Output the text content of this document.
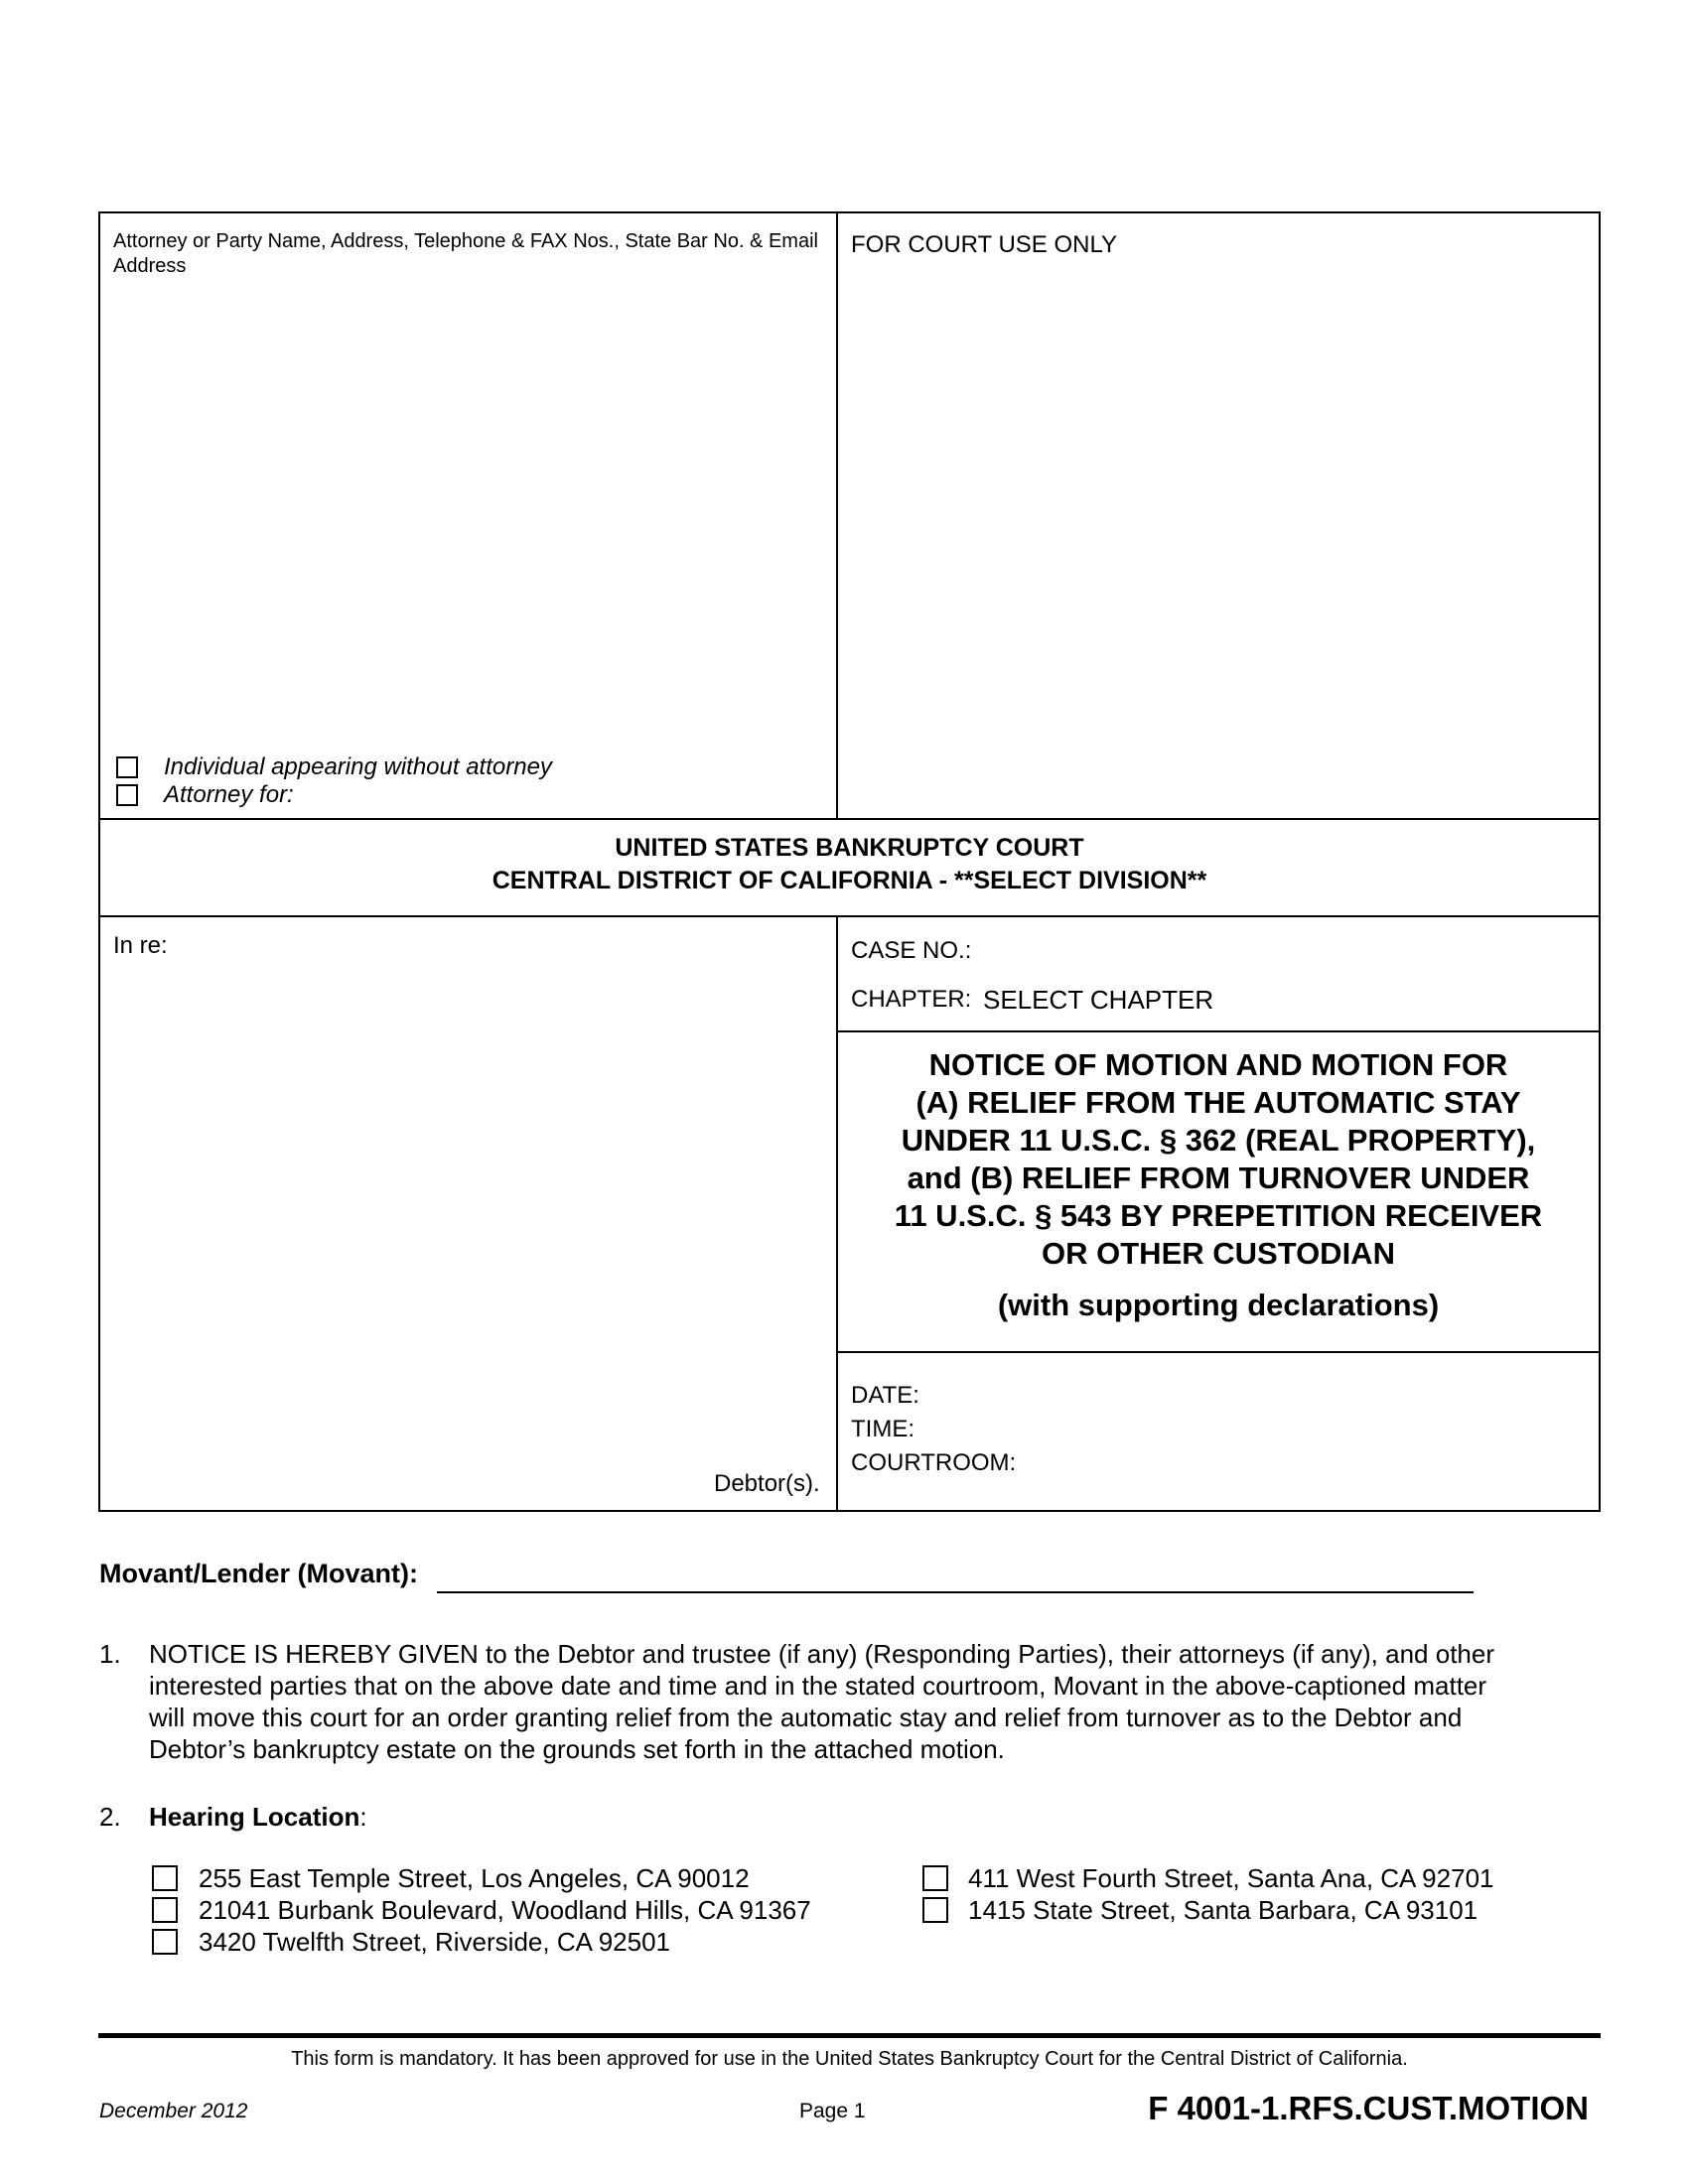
Attorney or Party Name, Address, Telephone & FAX Nos., State Bar No. & Email Address
Individual appearing without attorney
Attorney for:
FOR COURT USE ONLY
UNITED STATES BANKRUPTCY COURT
CENTRAL DISTRICT OF CALIFORNIA - **SELECT DIVISION**
In re:
Debtor(s).
CASE NO.:
CHAPTER: SELECT CHAPTER
NOTICE OF MOTION AND MOTION FOR
(A) RELIEF FROM THE AUTOMATIC STAY
UNDER 11 U.S.C. § 362 (REAL PROPERTY),
and (B) RELIEF FROM TURNOVER UNDER
11 U.S.C. § 543 BY PREPETITION RECEIVER
OR OTHER CUSTODIAN
(with supporting declarations)
DATE:
TIME:
COURTROOM:
Movant/Lender (Movant):
1. NOTICE IS HEREBY GIVEN to the Debtor and trustee (if any) (Responding Parties), their attorneys (if any), and other
interested parties that on the above date and time and in the stated courtroom, Movant in the above-captioned matter
will move this court for an order granting relief from the automatic stay and relief from turnover as to the Debtor and
Debtor’s bankruptcy estate on the grounds set forth in the attached motion.
2. Hearing Location:
255 East Temple Street, Los Angeles, CA 90012
21041 Burbank Boulevard, Woodland Hills, CA 91367
3420 Twelfth Street, Riverside, CA 92501
411 West Fourth Street, Santa Ana, CA 92701
1415 State Street, Santa Barbara, CA 93101
This form is mandatory. It has been approved for use in the United States Bankruptcy Court for the Central District of California.
December 2012	Page 1	F 4001-1.RFS.CUST.MOTION
